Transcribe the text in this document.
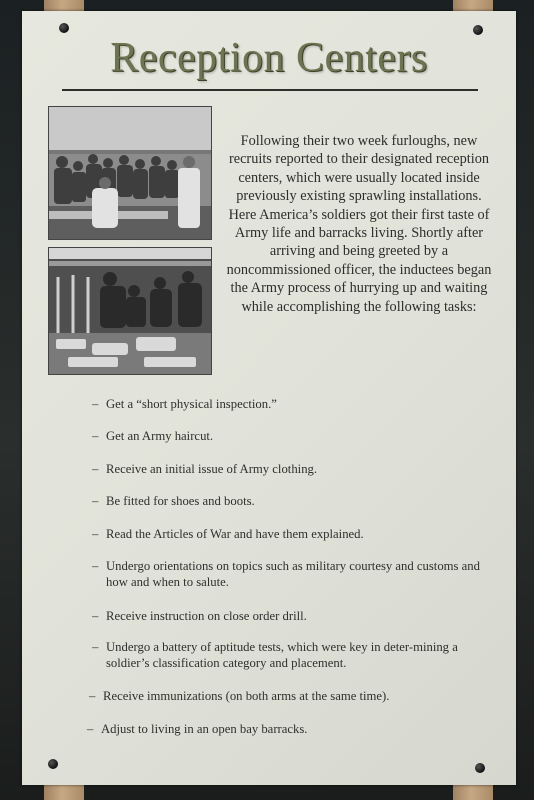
Reception Centers
Following their two week furloughs, new recruits reported to their designated reception centers, which were usually located inside previously existing sprawling installations. Here America’s soldiers got their first taste of Army life and barracks living. Shortly after arriving and being greeted by a noncommissioned officer, the inductees began the Army process of hurrying up and waiting while accomplishing the following tasks:
– Get a “short physical inspection.”
– Get an Army haircut.
– Receive an initial issue of Army clothing.
– Be fitted for shoes and boots.
– Read the Articles of War and have them explained.
– Undergo orientations on topics such as military courtesy and customs and how and when to salute.
– Receive instruction on close order drill.
– Undergo a battery of aptitude tests, which were key in deter-mining a soldier’s classification category and placement.
– Receive immunizations (on both arms at the same time).
– Adjust to living in an open bay barracks.
